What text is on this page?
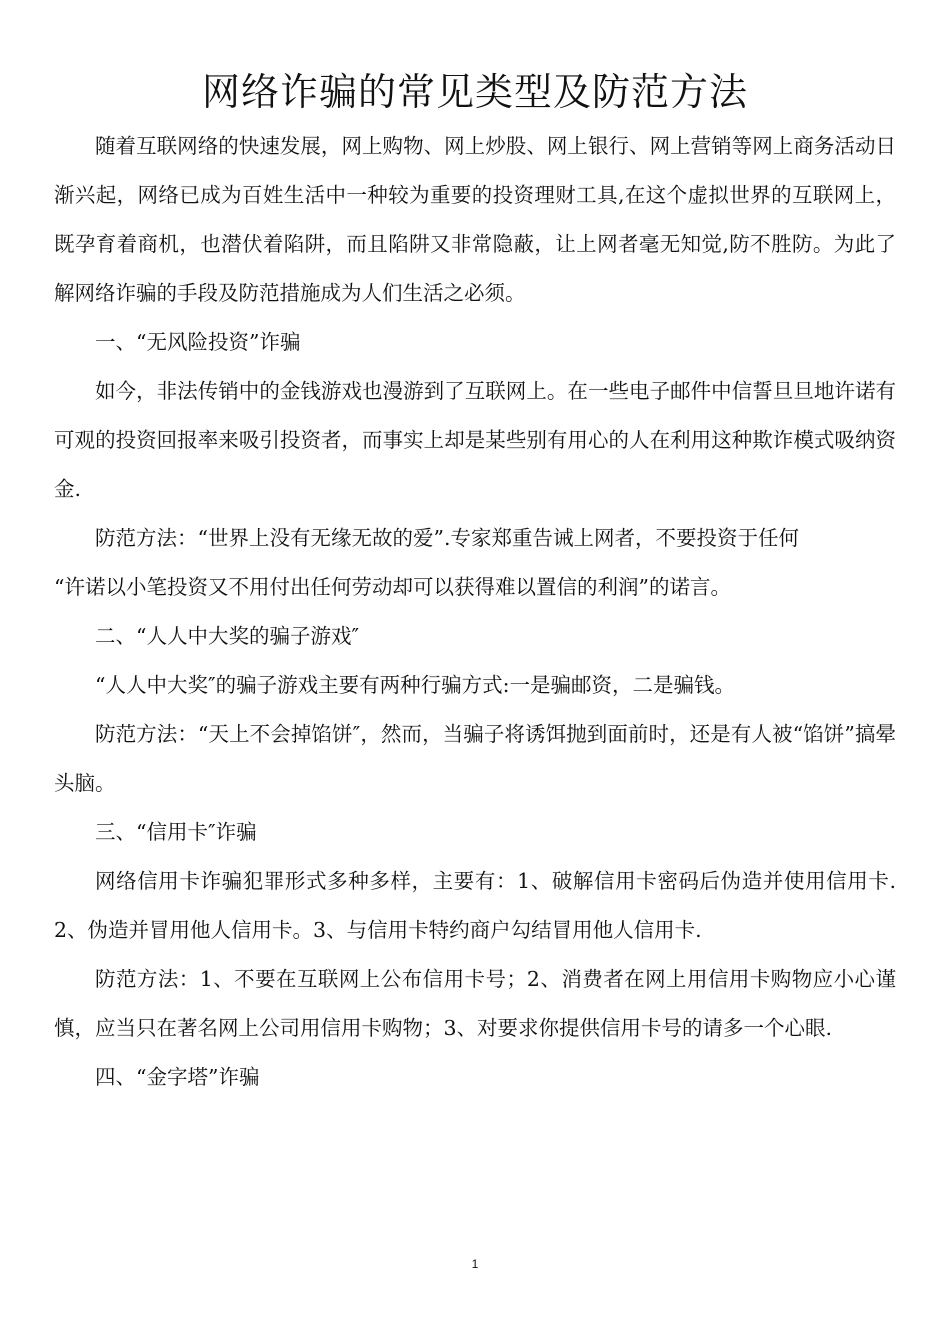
网络诈骗的常见类型及防范方法

随着互联网络的快速发展，网上购物、网上炒股、网上银行、网上营销等网上商务活动日渐兴起，网络已成为百姓生活中一种较为重要的投资理财工具,在这个虚拟世界的互联网上，既孕育着商机，也潜伏着陷阱，而且陷阱又非常隐蔽，让上网者毫无知觉,防不胜防。为此了解网络诈骗的手段及防范措施成为人们生活之必须。

一、“无风险投资”诈骗

如今，非法传销中的金钱游戏也漫游到了互联网上。在一些电子邮件中信誓旦旦地许诺有可观的投资回报率来吸引投资者，而事实上却是某些别有用心的人在利用这种欺诈模式吸纳资金.

防范方法：“世界上没有无缘无故的爱”.专家郑重告诫上网者，不要投资于任何

“许诺以小笔投资又不用付出任何劳动却可以获得难以置信的利润”的诺言。

二、“人人中大奖的骗子游戏″

“人人中大奖″的骗子游戏主要有两种行骗方式:一是骗邮资，二是骗钱。

防范方法：“天上不会掉馅饼″，然而，当骗子将诱饵抛到面前时，还是有人被“馅饼”搞晕头脑。

三、“信用卡″诈骗

网络信用卡诈骗犯罪形式多种多样，主要有：1、破解信用卡密码后伪造并使用信用卡.2、伪造并冒用他人信用卡。3、与信用卡特约商户勾结冒用他人信用卡.

防范方法：1、不要在互联网上公布信用卡号；2、消费者在网上用信用卡购物应小心谨慎，应当只在著名网上公司用信用卡购物；3、对要求你提供信用卡号的请多一个心眼.

四、“金字塔”诈骗

1
